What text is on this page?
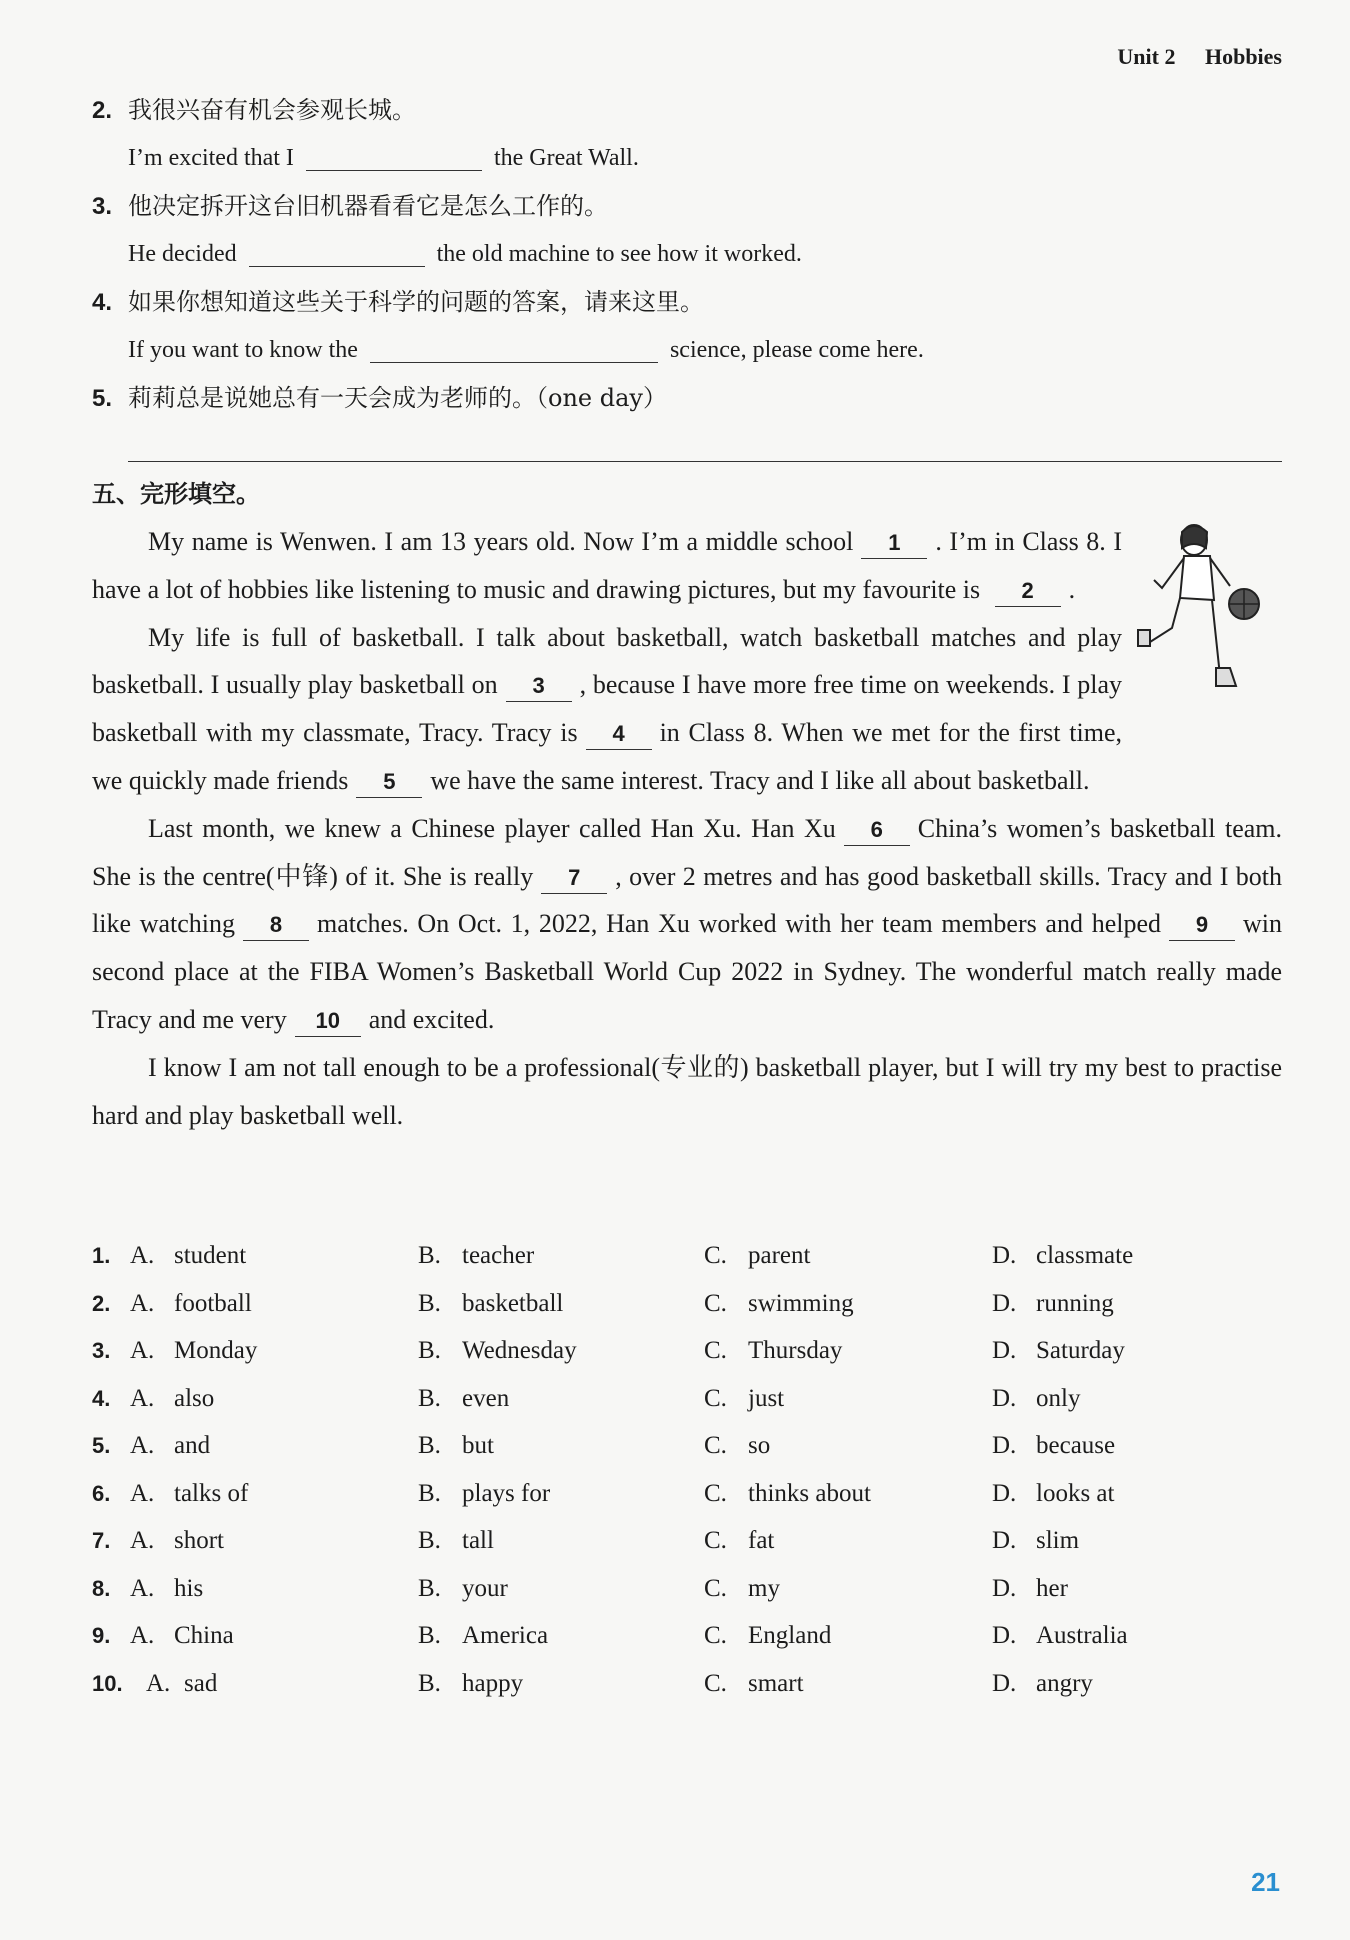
Unit 2 Hobbies
2. 我很兴奋有机会参观长城。
I’m excited that I	the Great Wall.
3. 他决定拆开这台旧机器看看它是怎么工作的。
He decided	the old machine to see how it worked.
4. 如果你想知道这些关于科学的问题的答案，请来这里。
If you want to know the	science, please come here.
5. 莉莉总是说她总有一天会成为老师的。（one day）
五、完形填空。

My name is Wenwen. I am 13 years old. Now I’m a middle school 1 . I’m in Class 8. I have a lot of hobbies like listening to music and drawing pictures, but my favourite is 2 .

My life is full of basketball. I talk about basketball, watch basketball matches and play basketball. I usually play basketball on 3 , because I have more free time on weekends. I play basketball with my classmate, Tracy. Tracy is 4 in Class 8. When we met for the first time, we quickly made friends 5 we have the same interest. Tracy and I like all about basketball.

Last month, we knew a Chinese player called Han Xu. Han Xu 6 China’s women’s basketball team. She is the centre(中锋) of it. She is really 7 , over 2 metres and has good basketball skills. Tracy and I both like watching 8 matches. On Oct. 1, 2022, Han Xu worked with her team members and helped 9 win second place at the FIBA Women’s Basketball World Cup 2022 in Sydney. The wonderful match really made Tracy and me very 10 and excited.

I know I am not tall enough to be a professional(专业的) basketball player, but I will try my best to practise hard and play basketball well.

1. A. student	B. teacher	C. parent	D. classmate
2. A. football	B. basketball	C. swimming	D. running
3. A. Monday	B. Wednesday	C. Thursday	D. Saturday
4. A. also	B. even	C. just	D. only
5. A. and	B. but	C. so	D. because
6. A. talks of	B. plays for	C. thinks about	D. looks at
7. A. short	B. tall	C. fat	D. slim
8. A. his	B. your	C. my	D. her
9. A. China	B. America	C. England	D. Australia
10. A. sad	B. happy	C. smart	D. angry
21
